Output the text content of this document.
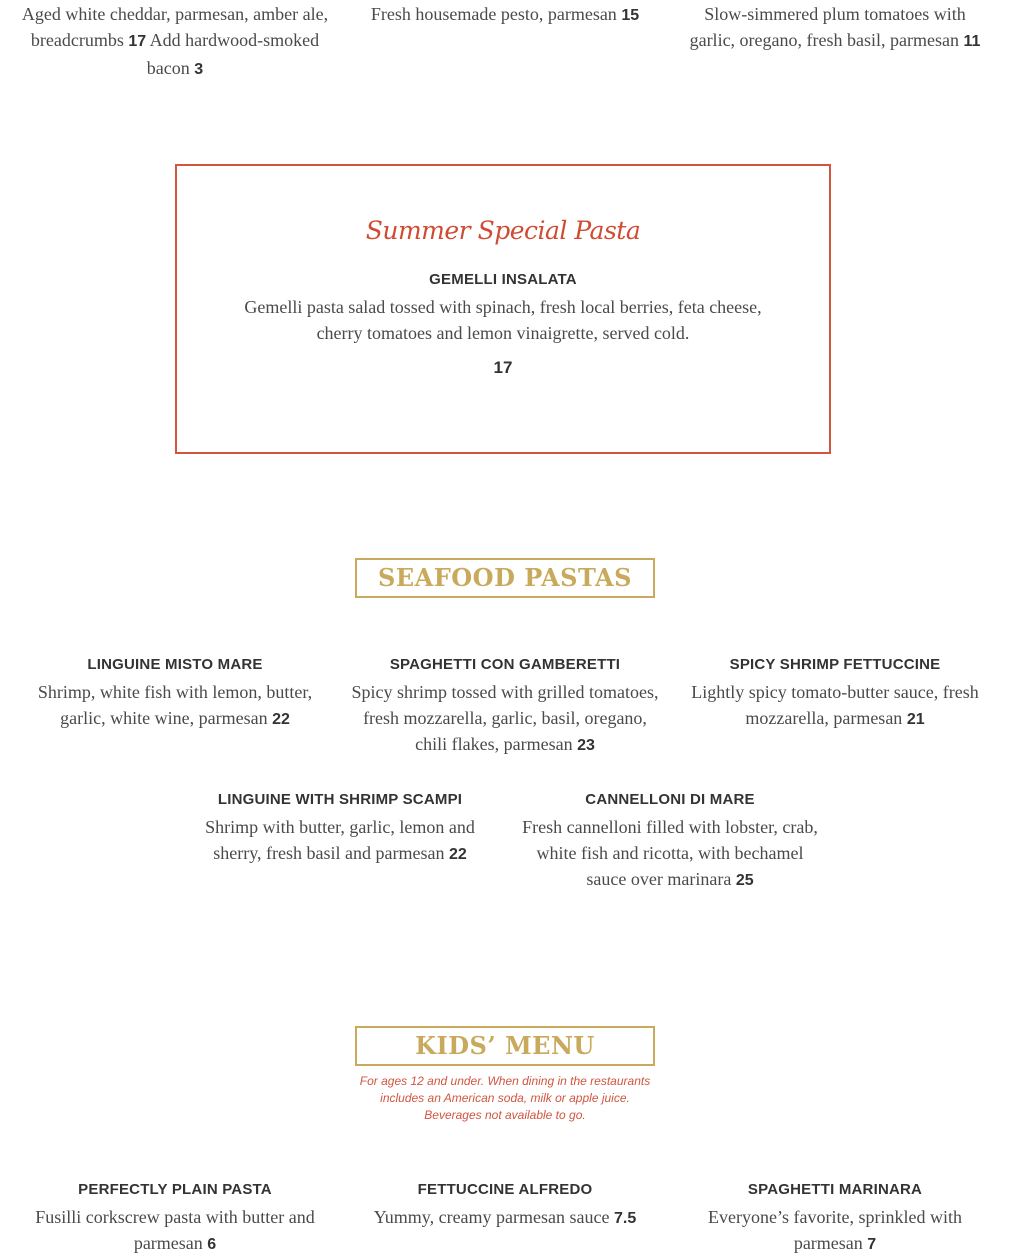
Aged white cheddar, parmesan, amber ale, breadcrumbs 17 Add hardwood-smoked bacon 3

Fresh housemade pesto, parmesan 15	Slow-simmered plum tomatoes with garlic, oregano, fresh basil, parmesan 11

Summer Special Pasta

GEMELLI INSALATA

Gemelli pasta salad tossed with spinach, fresh local berries, feta cheese, cherry tomatoes and lemon vinaigrette, served cold.

17
SEAFOOD PASTAS

LINGUINE MISTO MARE

Shrimp, white fish with lemon, butter, garlic, white wine, parmesan 22

SPAGHETTI CON GAMBERETTI

Spicy shrimp tossed with grilled tomatoes, fresh mozzarella, garlic, basil, oregano, chili flakes, parmesan 23

SPICY SHRIMP FETTUCCINE

Lightly spicy tomato-butter sauce, fresh mozzarella, parmesan 21

LINGUINE WITH SHRIMP SCAMPI

Shrimp with butter, garlic, lemon and sherry, fresh basil and parmesan 22

CANNELLONI DI MARE

Fresh cannelloni filled with lobster, crab, white fish and ricotta, with bechamel sauce over marinara 25

KIDS’ MENU

For ages 12 and under. When dining in the restaurants includes an American soda, milk or apple juice. Beverages not available to go.

PERFECTLY PLAIN PASTA

Fusilli corkscrew pasta with butter and parmesan 6

FETTUCCINE ALFREDO

Yummy, creamy parmesan sauce 7.5

SPAGHETTI MARINARA

Everyone’s favorite, sprinkled with parmesan 7
